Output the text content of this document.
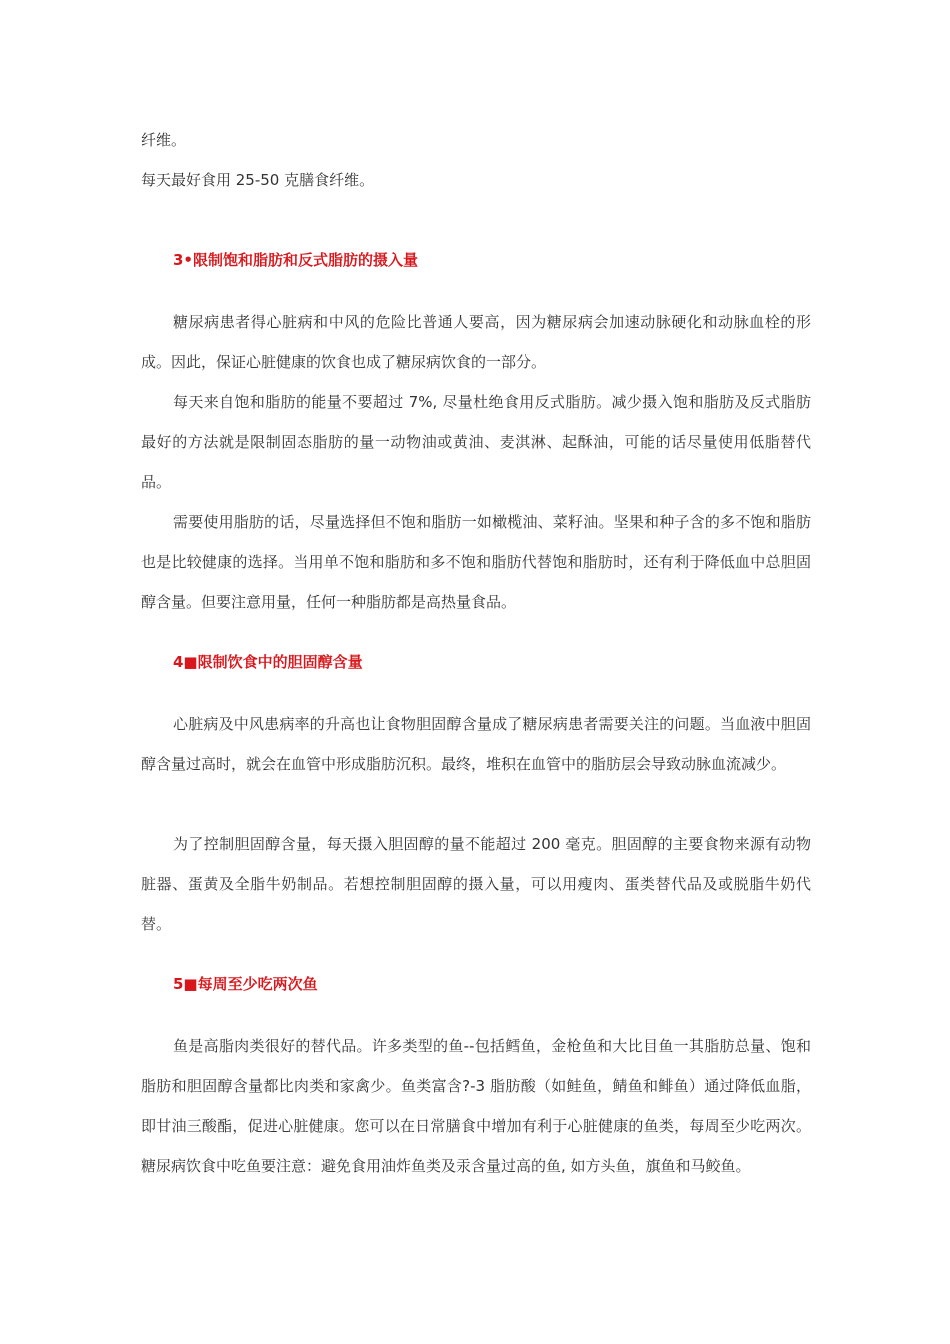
纤维。

每天最好食用 25-50 克膳食纤维。

3•限制饱和脂肪和反式脂肪的摄入量

糖尿病患者得心脏病和中风的危险比普通人要高，因为糖尿病会加速动脉硬化和动脉血栓的形成。因此，保证心脏健康的饮食也成了糖尿病饮食的一部分。

每天来自饱和脂肪的能量不要超过 7%, 尽量杜绝食用反式脂肪。减少摄入饱和脂肪及反式脂肪最好的方法就是限制固态脂肪的量一动物油或黄油、麦淇淋、起酥油，可能的话尽量使用低脂替代品。

需要使用脂肪的话，尽量选择但不饱和脂肪一如橄榄油、菜籽油。坚果和种子含的多不饱和脂肪也是比较健康的选择。当用单不饱和脂肪和多不饱和脂肪代替饱和脂肪时，还有利于降低血中总胆固醇含量。但要注意用量，任何一种脂肪都是高热量食品。

4■限制饮食中的胆固醇含量

心脏病及中风患病率的升高也让食物胆固醇含量成了糖尿病患者需要关注的问题。当血液中胆固醇含量过高时，就会在血管中形成脂肪沉积。最终，堆积在血管中的脂肪层会导致动脉血流减少。

为了控制胆固醇含量，每天摄入胆固醇的量不能超过 200 毫克。胆固醇的主要食物来源有动物脏器、蛋黄及全脂牛奶制品。若想控制胆固醇的摄入量，可以用瘦肉、蛋类替代品及或脱脂牛奶代替。

5■每周至少吃两次鱼

鱼是高脂肉类很好的替代品。许多类型的鱼--包括鳕鱼，金枪鱼和大比目鱼一其脂肪总量、饱和脂肪和胆固醇含量都比肉类和家禽少。鱼类富含?-3 脂肪酸（如鲑鱼，鲭鱼和鲱鱼）通过降低血脂，即甘油三酸酯，促进心脏健康。您可以在日常膳食中增加有利于心脏健康的鱼类，每周至少吃两次。糖尿病饮食中吃鱼要注意：避免食用油炸鱼类及汞含量过高的鱼, 如方头鱼，旗鱼和马鲛鱼。
